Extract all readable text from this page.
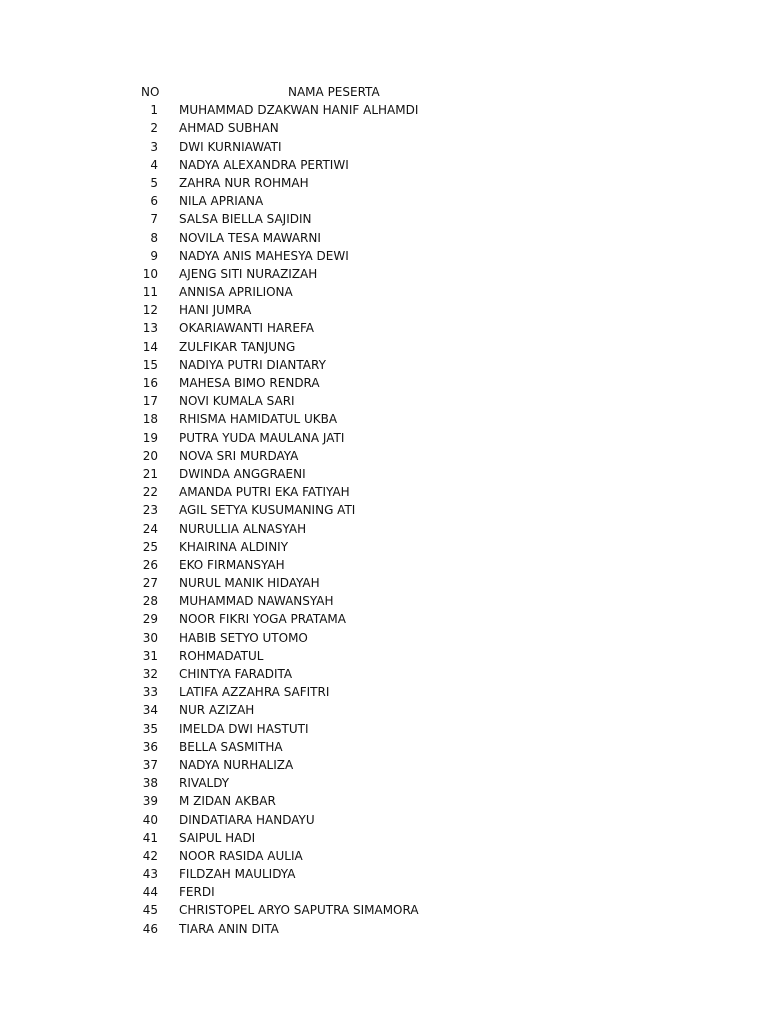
NO	NAMA PESERTA
1 MUHAMMAD DZAKWAN HANIF ALHAMDI
2 AHMAD SUBHAN
3 DWI KURNIAWATI
4 NADYA ALEXANDRA PERTIWI
5 ZAHRA NUR ROHMAH
6 NILA APRIANA
7 SALSA BIELLA SAJIDIN
8 NOVILA TESA MAWARNI
9 NADYA ANIS MAHESYA DEWI
10 AJENG SITI NURAZIZAH
11 ANNISA APRILIONA
12 HANI JUMRA
13 OKARIAWANTI HAREFA
14 ZULFIKAR TANJUNG
15 NADIYA PUTRI DIANTARY
16 MAHESA BIMO RENDRA
17 NOVI KUMALA SARI
18 RHISMA HAMIDATUL UKBA
19 PUTRA YUDA MAULANA JATI
20 NOVA SRI MURDAYA
21 DWINDA ANGGRAENI
22 AMANDA PUTRI EKA FATIYAH
23 AGIL SETYA KUSUMANING ATI
24 NURULLIA ALNASYAH
25 KHAIRINA ALDINIY
26 EKO FIRMANSYAH
27 NURUL MANIK HIDAYAH
28 MUHAMMAD NAWANSYAH
29 NOOR FIKRI YOGA PRATAMA
30 HABIB SETYO UTOMO
31 ROHMADATUL
32 CHINTYA FARADITA
33 LATIFA AZZAHRA SAFITRI
34 NUR AZIZAH
35 IMELDA DWI HASTUTI
36 BELLA SASMITHA
37 NADYA NURHALIZA
38 RIVALDY
39 M ZIDAN AKBAR
40 DINDATIARA HANDAYU
41 SAIPUL HADI
42 NOOR RASIDA AULIA
43 FILDZAH MAULIDYA
44 FERDI
45 CHRISTOPEL ARYO SAPUTRA SIMAMORA
46 TIARA ANIN DITA
